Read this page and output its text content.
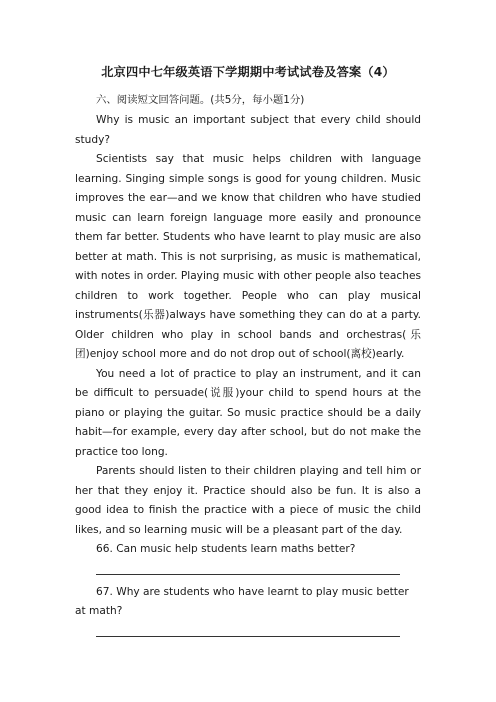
北京四中七年级英语下学期期中考试试卷及答案（4）
六、阅读短文回答问题。(共5分，每小题1分)

Why is music an important subject that every child should study?

Scientists say that music helps children with language learning. Singing simple songs is good for young children. Music improves the ear—and we know that children who have studied music can learn foreign language more easily and pronounce them far better. Students who have learnt to play music are also better at math. This is not surprising, as music is mathematical, with notes in order. Playing music with other people also teaches children to work together. People who can play musical instruments(乐器)always have something they can do at a party. Older children who play in school bands and orchestras(乐团)enjoy school more and do not drop out of school(离校)early.

You need a lot of practice to play an instrument, and it can be difficult to persuade(说服)your child to spend hours at the piano or playing the guitar. So music practice should be a daily habit—for example, every day after school, but do not make the practice too long.

Parents should listen to their children playing and tell him or her that they enjoy it. Practice should also be fun. It is also a good idea to finish the practice with a piece of music the child likes, and so learning music will be a pleasant part of the day.

66. Can music help students learn maths better?

67. Why are students who have learnt to play music better at math?
